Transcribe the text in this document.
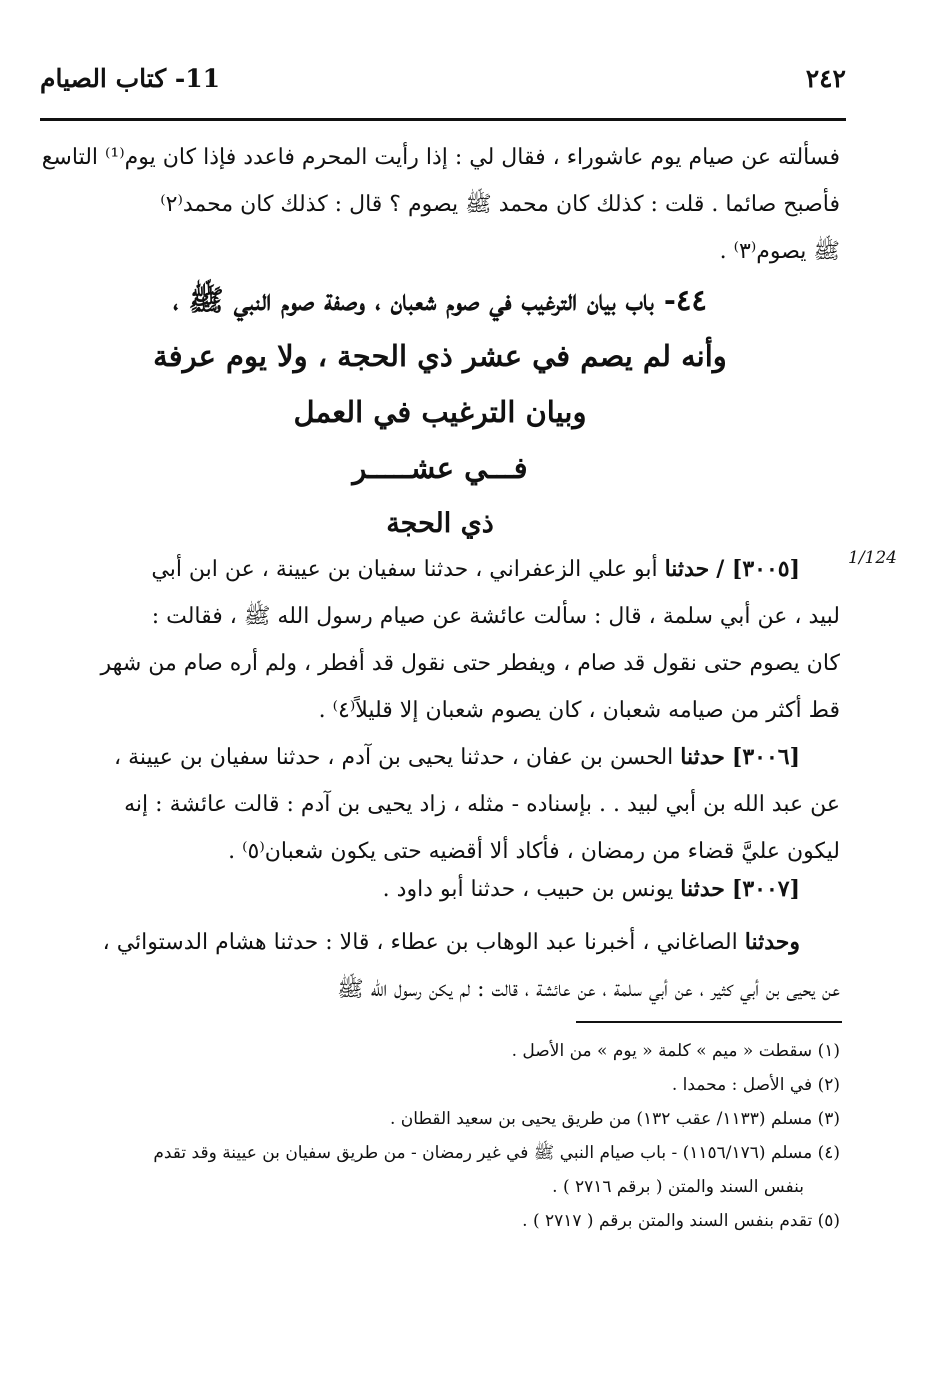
٢٤٢
11- كتاب الصيام
فسألته عن صيام يوم عاشوراء ، فقال لي : إذا رأيت المحرم فاعدد فإذا كان يوم⁽¹⁾ التاسع
فأصبح صائما . قلت : كذلك كان محمد ﷺ يصوم ؟ قال : كذلك كان محمد⁽٢⁾
ﷺ يصوم⁽٣⁾ .
٤٤- باب بيان الترغيب في صوم شعبان ، وصفة صوم النبي ﷺ ،
وأنه لم يصم في عشر ذي الحجة ، ولا يوم عرفة
وبيان الترغيب في العمل
فـــي عشـــــر
ذي الحجة
1/124
[٣٠٠٥] / حدثنا أبو علي الزعفراني ، حدثنا سفيان بن عيينة ، عن ابن أبي
لبيد ، عن أبي سلمة ، قال : سألت عائشة عن صيام رسول الله ﷺ ، فقالت :
كان يصوم حتى نقول قد صام ، ويفطر حتى نقول قد أفطر ، ولم أره صام من شهر
قط أكثر من صيامه شعبان ، كان يصوم شعبان إلا قليلاً⁽٤⁾ .
[٣٠٠٦] حدثنا الحسن بن عفان ، حدثنا يحيى بن آدم ، حدثنا سفيان بن عيينة ،
عن عبد الله بن أبي لبيد . . بإسناده - مثله ، زاد يحيى بن آدم : قالت عائشة : إنه
ليكون عليَّ قضاء من رمضان ، فأكاد ألا أقضيه حتى يكون شعبان⁽٥⁾ .
[٣٠٠٧] حدثنا يونس بن حبيب ، حدثنا أبو داود .
وحدثنا الصاغاني ، أخبرنا عبد الوهاب بن عطاء ، قالا : حدثنا هشام الدستوائي ،
عن يحيى بن أبي كثير ، عن أبي سلمة ، عن عائشة ، قالت : لم يكن رسول الله ﷺ
(١) سقطت « ميم » كلمة « يوم » من الأصل .
(٢) في الأصل : محمدا .
(٣) مسلم (١١٣٣/ عقب ١٣٢) من طريق يحيى بن سعيد القطان .
(٤) مسلم (١١٥٦/١٧٦) - باب صيام النبي ﷺ في غير رمضان - من طريق سفيان بن عيينة وقد تقدم
بنفس السند والمتن ( برقم ٢٧١٦ ) .
(٥) تقدم بنفس السند والمتن برقم ( ٢٧١٧ ) .
